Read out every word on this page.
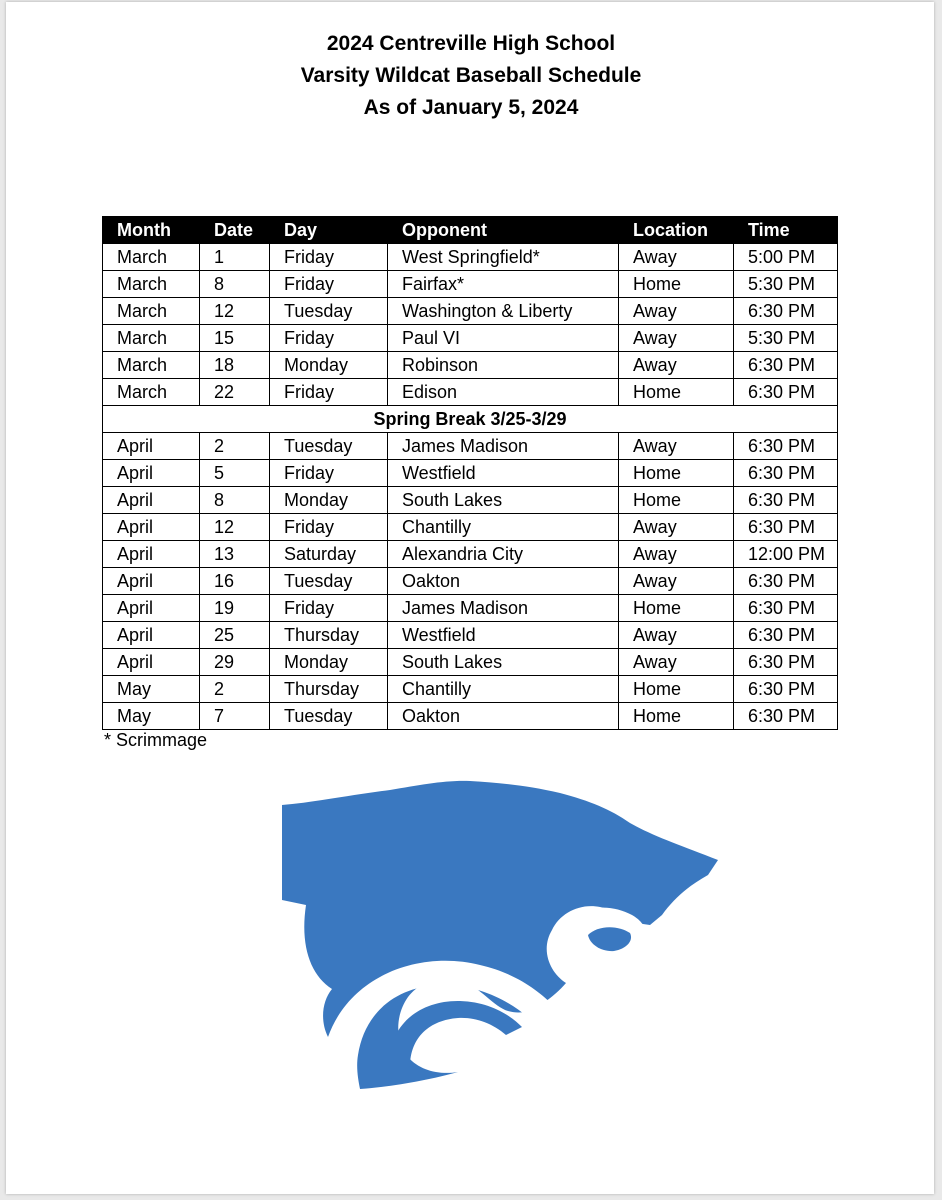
2024 Centreville High School
Varsity Wildcat Baseball Schedule
As of January 5, 2024
Month	Date	Day	Opponent	Location	Time
March	1	Friday	West Springfield*	Away	5:00 PM
March	8	Friday	Fairfax*	Home	5:30 PM
March	12	Tuesday	Washington & Liberty	Away	6:30 PM
March	15	Friday	Paul VI	Away	5:30 PM
March	18	Monday	Robinson	Away	6:30 PM
March	22	Friday	Edison	Home	6:30 PM
Spring Break 3/25-3/29					
April	2	Tuesday	James Madison	Away	6:30 PM
April	5	Friday	Westfield	Home	6:30 PM
April	8	Monday	South Lakes	Home	6:30 PM
April	12	Friday	Chantilly	Away	6:30 PM
April	13	Saturday	Alexandria City	Away	12:00 PM
April	16	Tuesday	Oakton	Away	6:30 PM
April	19	Friday	James Madison	Home	6:30 PM
April	25	Thursday	Westfield	Away	6:30 PM
April	29	Monday	South Lakes	Away	6:30 PM
May	2	Thursday	Chantilly	Home	6:30 PM
May	7	Tuesday	Oakton	Home	6:30 PM
* Scrimmage
